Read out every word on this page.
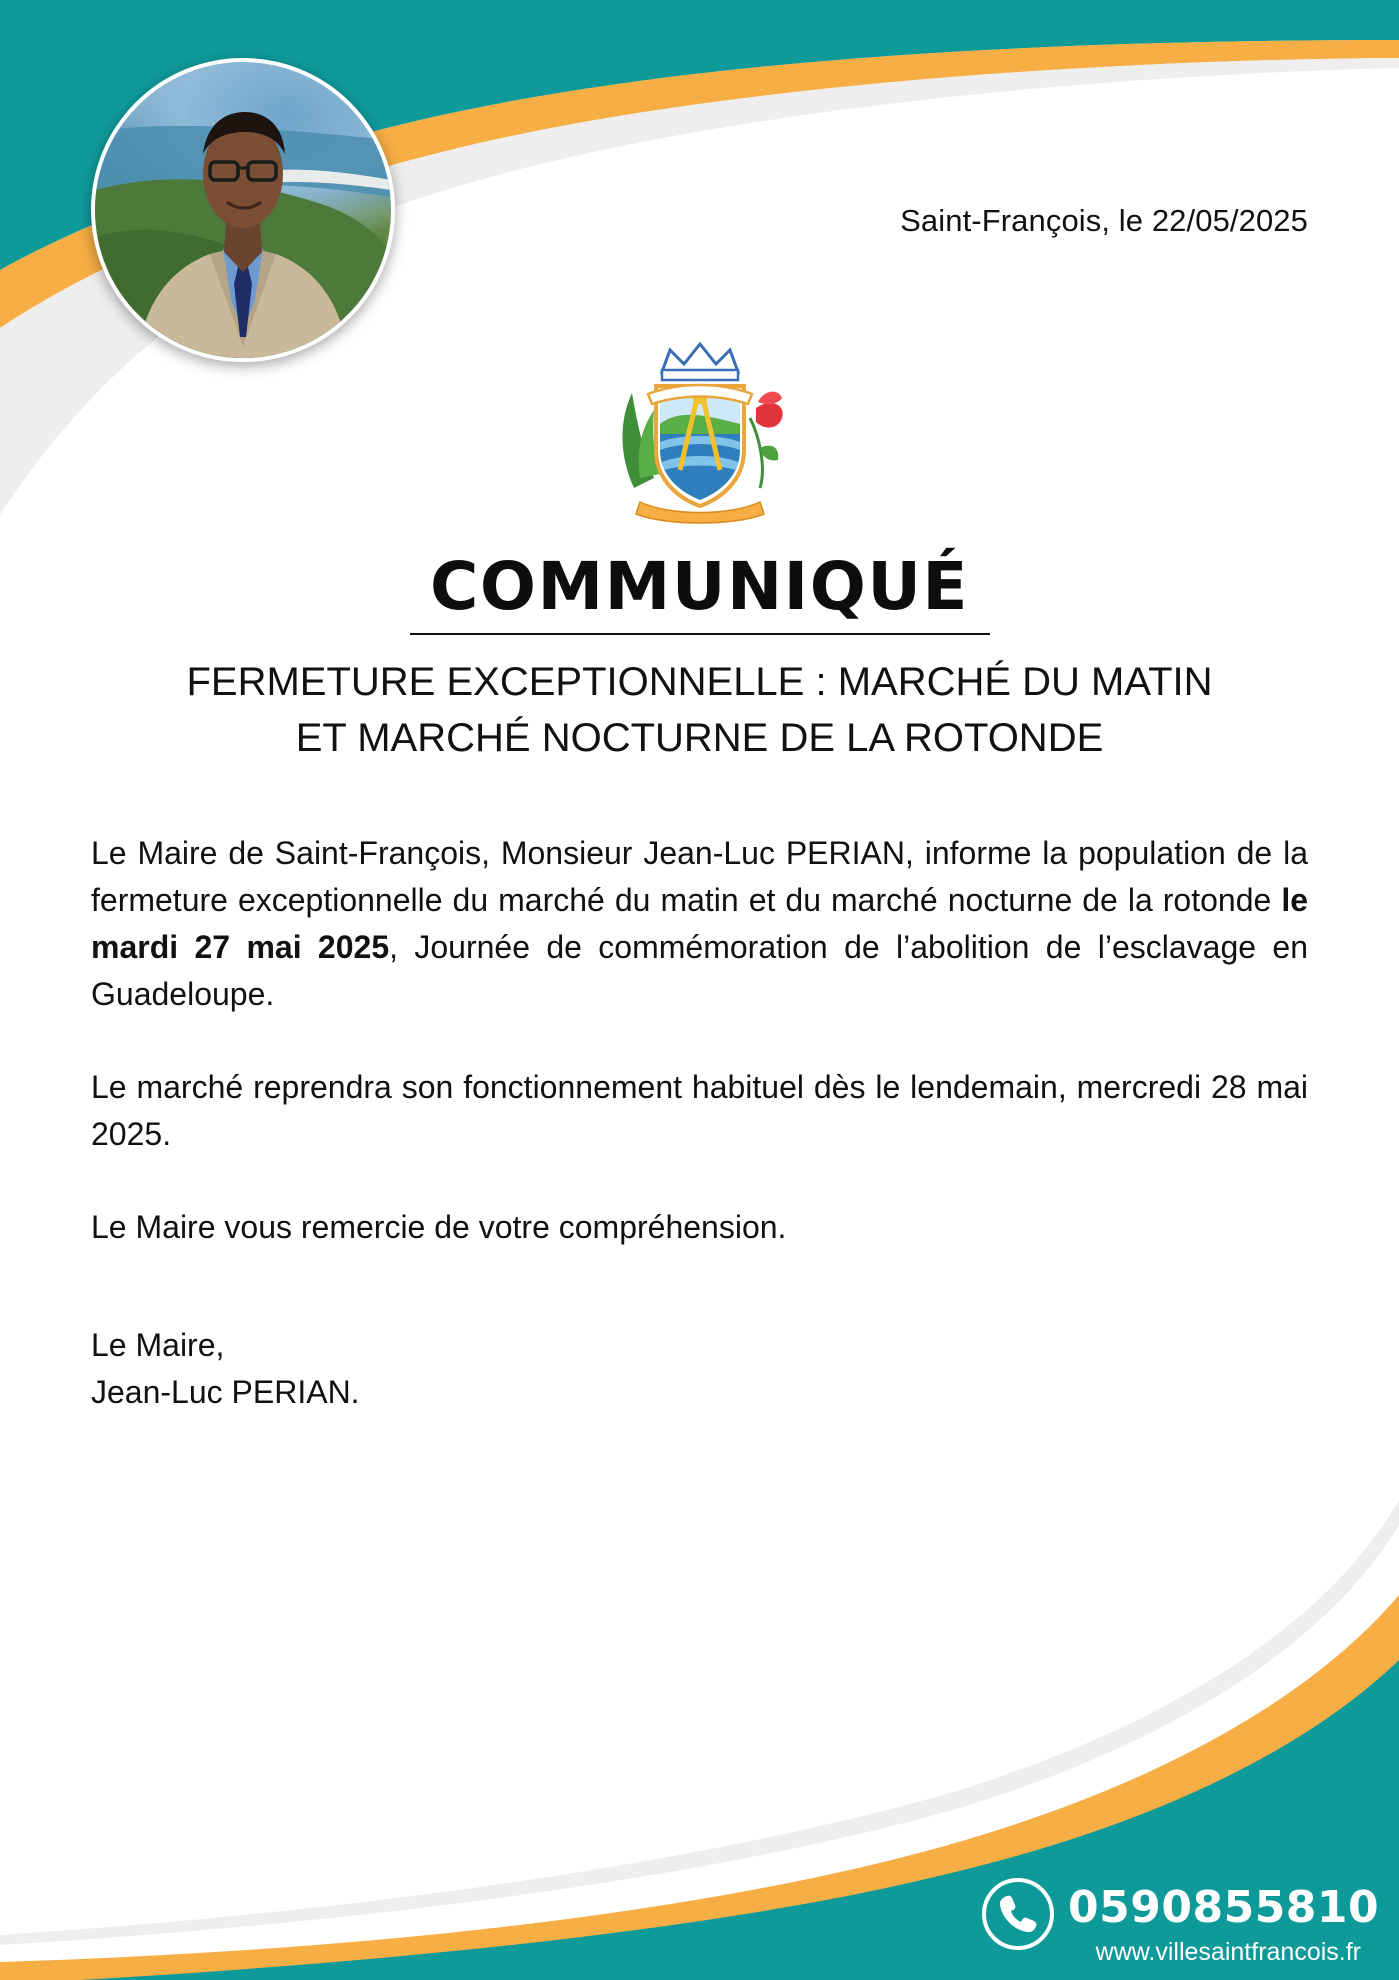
Saint-François, le 22/05/2025
COMMUNIQUÉ
FERMETURE EXCEPTIONNELLE : MARCHÉ DU MATIN
ET MARCHÉ NOCTURNE DE LA ROTONDE
Le Maire de Saint-François, Monsieur Jean-Luc PERIAN, informe la population de la fermeture exceptionnelle du marché du matin et du marché nocturne de la rotonde le mardi 27 mai 2025, Journée de commémoration de l’abolition de l’esclavage en Guadeloupe.
Le marché reprendra son fonctionnement habituel dès le lendemain, mercredi 28 mai 2025.
Le Maire vous remercie de votre compréhension.
Le Maire,
Jean-Luc PERIAN.
0590855810
www.villesaintfrancois.fr
